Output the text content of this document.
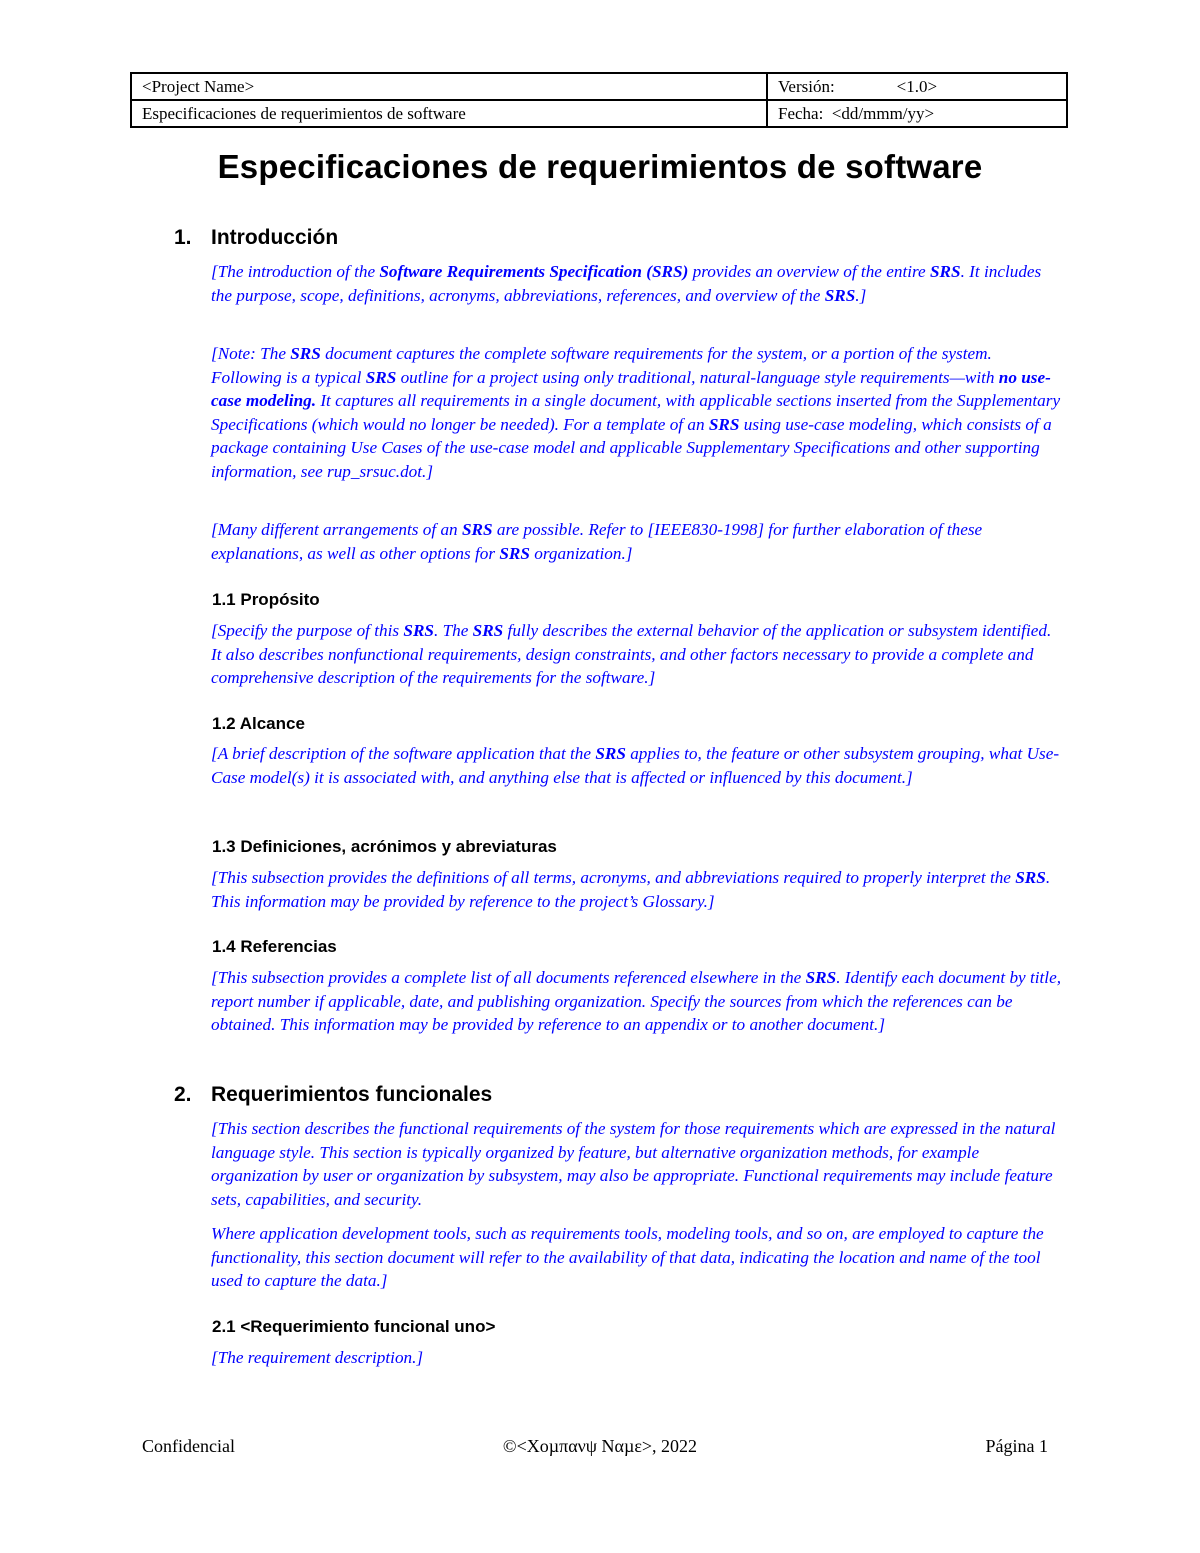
<Project Name>	Versión: <1.0>
Especificaciones de requerimientos de software	Fecha: <dd/mmm/yy>
Especificaciones de requerimientos de software
1. Introducción

[The introduction of the Software Requirements Specification (SRS) provides an overview of the entire SRS. It includes the purpose, scope, definitions, acronyms, abbreviations, references, and overview of the SRS.]

[Note: The SRS document captures the complete software requirements for the system, or a portion of the system. Following is a typical SRS outline for a project using only traditional, natural-language style requirements—with no use-case modeling. It captures all requirements in a single document, with applicable sections inserted from the Supplementary Specifications (which would no longer be needed). For a template of an SRS using use-case modeling, which consists of a package containing Use Cases of the use-case model and applicable Supplementary Specifications and other supporting information, see rup_srsuc.dot.]

[Many different arrangements of an SRS are possible. Refer to [IEEE830-1998] for further elaboration of these explanations, as well as other options for SRS organization.]

1.1 Propósito

[Specify the purpose of this SRS. The SRS fully describes the external behavior of the application or subsystem identified. It also describes nonfunctional requirements, design constraints, and other factors necessary to provide a complete and comprehensive description of the requirements for the software.]

1.2 Alcance

[A brief description of the software application that the SRS applies to, the feature or other subsystem grouping, what Use-Case model(s) it is associated with, and anything else that is affected or influenced by this document.]

1.3 Definiciones, acrónimos y abreviaturas

[This subsection provides the definitions of all terms, acronyms, and abbreviations required to properly interpret the SRS. This information may be provided by reference to the project’s Glossary.]

1.4 Referencias

[This subsection provides a complete list of all documents referenced elsewhere in the SRS. Identify each document by title, report number if applicable, date, and publishing organization. Specify the sources from which the references can be obtained. This information may be provided by reference to an appendix or to another document.]

2. Requerimientos funcionales

[This section describes the functional requirements of the system for those requirements which are expressed in the natural language style. This section is typically organized by feature, but alternative organization methods, for example organization by user or organization by subsystem, may also be appropriate. Functional requirements may include feature sets, capabilities, and security.

Where application development tools, such as requirements tools, modeling tools, and so on, are employed to capture the functionality, this section document will refer to the availability of that data, indicating the location and name of the tool used to capture the data.]

2.1 <Requerimiento funcional uno>

[The requirement description.]

Confidencial	©<Χοµπανψ Ναµε>, 2022	Página 1
